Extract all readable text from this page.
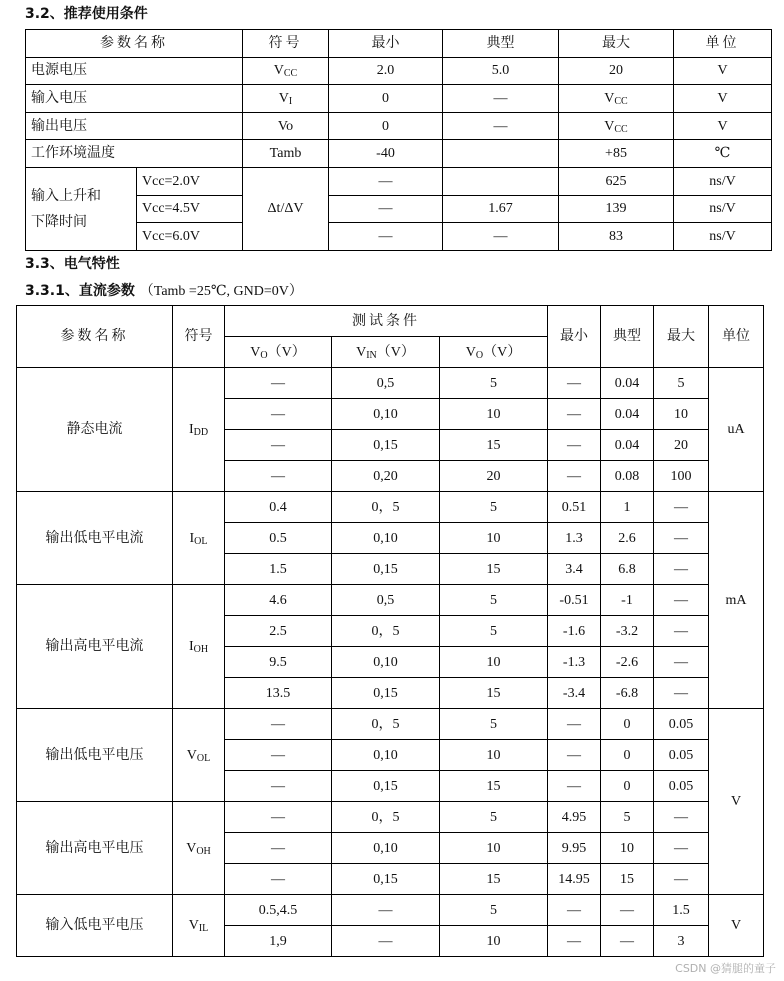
3.2、推荐使用条件
参数名称		符号	最小	典型	最大	单位
电源电压		$V_{CC}$	2.0	5.0	20	V
输入电压		$V_I$	0	—	$V_{CC}$	V
输出电压		Vo	0	—	$V_{CC}$	V
工作环境温度		Tamb	-40		+85	℃

输入上升和
下降时间	Vcc=2.0V	Δt/ΔV	—		625	ns/V
	Vcc=4.5V		—	1.67	139	ns/V
	Vcc=6.0V		—	—	83	ns/V
3.3、电气特性
3.3.1、直流参数 （Tamb =25℃, GND=0V）
参数名称	符号	测试条件			最小	典型	最大	单位
		$V_O(V)$	$V_{IN}(V)$	$V_O(V)$				
静态电流	$I_{DD}$	—	0,5	5	—	0.04	5	uA
		—	0,10	10	—	0.04	10	
		—	0,15	15	—	0.04	20	
		—	0,20	20	—	0.08	100	
输出低电平电流	$I_{OL}$	0.4	0，5	5	0.51	1	—	mA
		0.5	0,10	10	1.3	2.6	—	
		1.5	0,15	15	3.4	6.8	—	
输出高电平电流	$I_{OH}$	4.6	0,5	5	-0.51	-1	—	
		2.5	0，5	5	-1.6	-3.2	—	
		9.5	0,10	10	-1.3	-2.6	—	
		13.5	0,15	15	-3.4	-6.8	—	
输出低电平电压	$V_{OL}$	—	0，5	5	—	0	0.05	V
		—	0,10	10	—	0	0.05	
		—	0,15	15	—	0	0.05	
输出高电平电压	$V_{OH}$	—	0，5	5	4.95	5	—	
		—	0,10	10	9.95	10	—	
		—	0,15	15	14.95	15	—	
输入低电平电压	$V_{IL}$	0.5,4.5	—	5	—	—	1.5	V
		1,9	—	10	—	—	3	
CSDN @猜腿的童子
